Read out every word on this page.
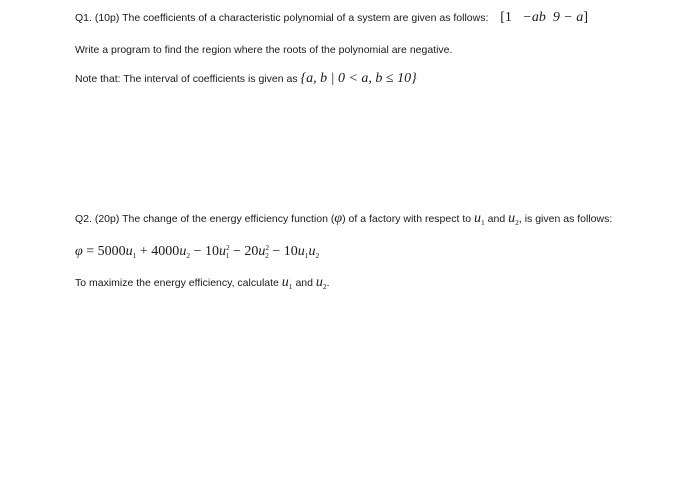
Q1. (10p) The coefficients of a characteristic polynomial of a system are given as follows: [1 −ab 9 − a]
Write a program to find the region where the roots of the polynomial are negative.
Note that: The interval of coefficients is given as {a, b | 0 < a, b ≤ 10}
Q2. (20p) The change of the energy efficiency function (φ) of a factory with respect to $u_1$ and $u_2$, is given as follows:
$\varphi = 5000u_1 + 4000u_2 - 10u^2_1 - 20u^2_2 - 10u_1u_2$
To maximize the energy efficiency, calculate $u_1$ and $u_2$.
